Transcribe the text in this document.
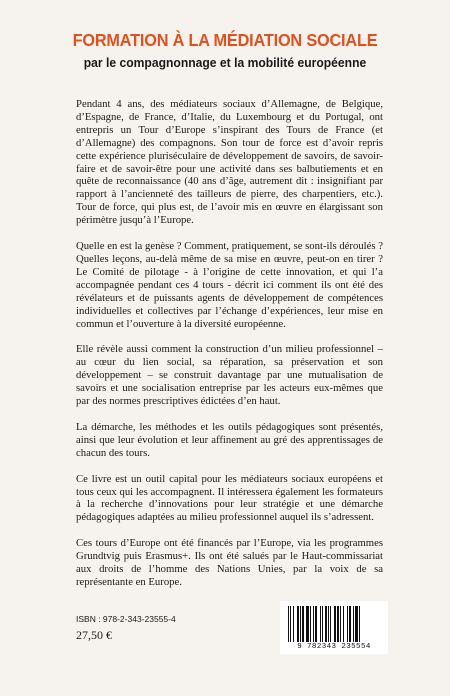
FORMATION À LA MÉDIATION SOCIALE
par le compagnonnage et la mobilité européenne

Pendant 4 ans, des médiateurs sociaux d’Allemagne, de Belgique, d’Espagne, de France, d’Italie, du Luxembourg et du Portugal, ont entrepris un Tour d’Europe s’inspirant des Tours de France (et d’Allemagne) des compagnons. Son tour de force est d’avoir repris cette expérience pluriséculaire de développement de savoirs, de savoir-faire et de savoir-être pour une activité dans ses balbutiements et en quête de reconnaissance (40 ans d’âge, autrement dit : insignifiant par rapport à l’ancienneté des tailleurs de pierre, des charpentiers, etc.). Tour de force, qui plus est, de l’avoir mis en œuvre en élargissant son périmètre jusqu’à l’Europe.

Quelle en est la genèse ? Comment, pratiquement, se sont-ils déroulés ? Quelles leçons, au-delà même de sa mise en œuvre, peut-on en tirer ? Le Comité de pilotage - à l’origine de cette innovation, et qui l’a accompagnée pendant ces 4 tours - décrit ici comment ils ont été des révélateurs et de puissants agents de développement de compétences individuelles et collectives par l’échange d’expériences, leur mise en commun et l’ouverture à la diversité européenne.

Elle révèle aussi comment la construction d’un milieu professionnel – au cœur du lien social, sa réparation, sa préservation et son développement – se construit davantage par une mutualisation de savoirs et une socialisation entreprise par les acteurs eux-mêmes que par des normes prescriptives édictées d’en haut.

La démarche, les méthodes et les outils pédagogiques sont présentés, ainsi que leur évolution et leur affinement au gré des apprentissages de chacun des tours.

Ce livre est un outil capital pour les médiateurs sociaux européens et tous ceux qui les accompagnent. Il intéressera également les formateurs à la recherche d’innovations pour leur stratégie et une démarche pédagogiques adaptées au milieu professionnel auquel ils s’adressent.

Ces tours d’Europe ont été financés par l’Europe, via les programmes Grundtvig puis Erasmus+. Ils ont été salués par le Haut-commissariat aux droits de l’homme des Nations Unies, par la voix de sa représentante en Europe.

ISBN : 978-2-343-23555-4
27,50 €
9 782343 235554
